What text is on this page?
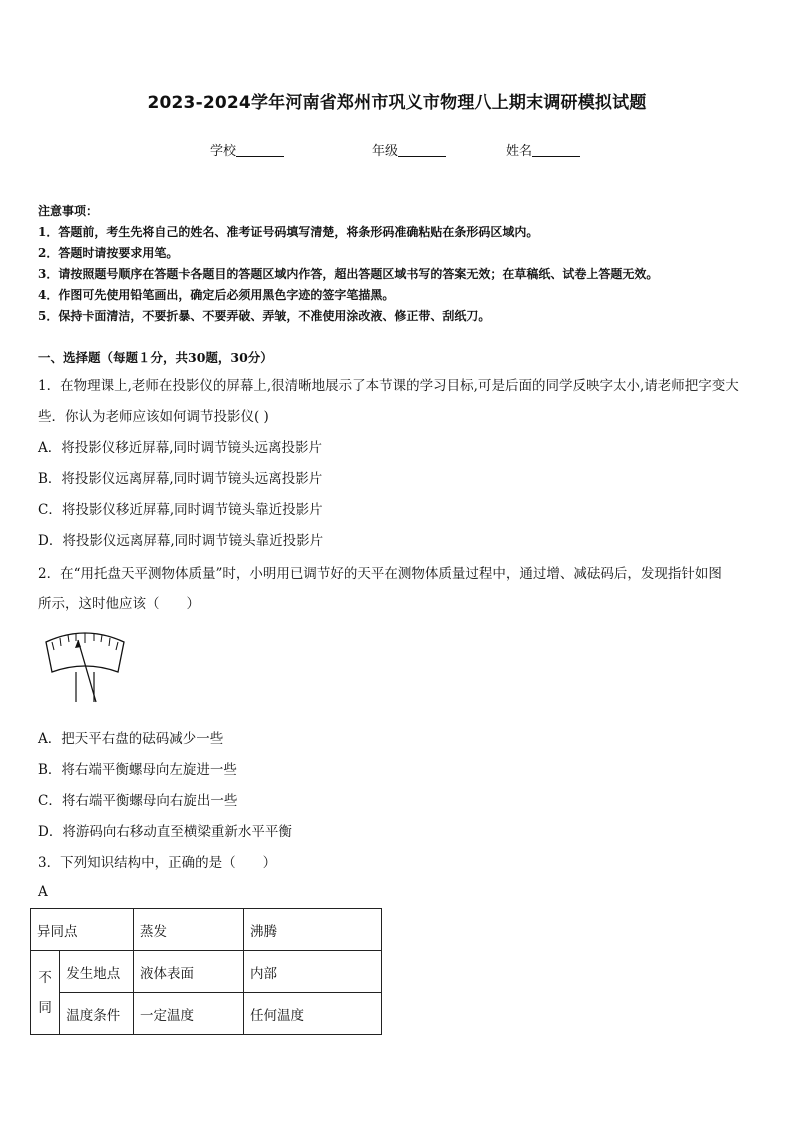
2023-2024学年河南省郑州市巩义市物理八上期末调研模拟试题
学校	年级	姓名
注意事项：
1．答题前，考生先将自己的姓名、准考证号码填写清楚，将条形码准确粘贴在条形码区域内。
2．答题时请按要求用笔。
3．请按照题号顺序在答题卡各题目的答题区域内作答，超出答题区域书写的答案无效；在草稿纸、试卷上答题无效。
4．作图可先使用铅笔画出，确定后必须用黑色字迹的签字笔描黑。
5．保持卡面清洁，不要折暴、不要弄破、弄皱，不准使用涂改液、修正带、刮纸刀。
一、选择题（每题１分，共30题，30分）
1．在物理课上,老师在投影仪的屏幕上,很清晰地展示了本节课的学习目标,可是后面的同学反映字太小,请老师把字变大
些．你认为老师应该如何调节投影仪( )
A．将投影仪移近屏幕,同时调节镜头远离投影片
B．将投影仪远离屏幕,同时调节镜头远离投影片
C．将投影仪移近屏幕,同时调节镜头靠近投影片
D．将投影仪远离屏幕,同时调节镜头靠近投影片
2．在“用托盘天平测物体质量”时，小明用已调节好的天平在测物体质量过程中，通过增、减砝码后，发现指针如图
所示，这时他应该（　　）
A．把天平右盘的砝码减少一些
B．将右端平衡螺母向左旋进一些
C．将右端平衡螺母向右旋出一些
D．将游码向右移动直至横梁重新水平平衡
3．下列知识结构中，正确的是（　　）
A
异同点		蒸发	沸腾
不同	发生地点	液体表面	内部
	温度条件	一定温度	任何温度
